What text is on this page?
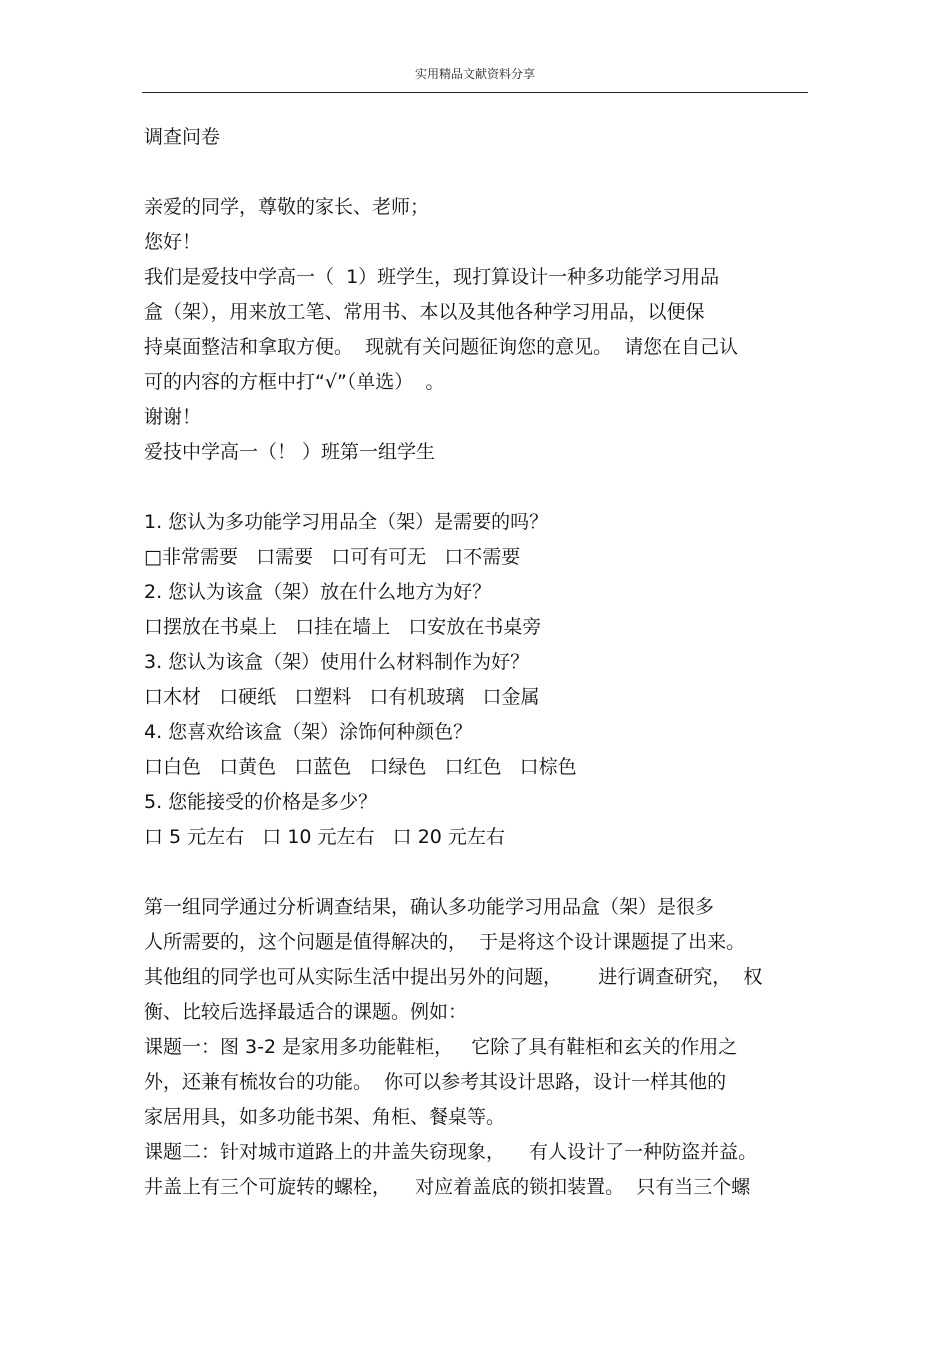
实用精品文献资料分享

调查问卷

亲爱的同学，尊敬的家长、老师；

您好！

我们是爱技中学高一（  1）班学生，现打算设计一种多功能学习用品

盒（架），用来放工笔、常用书、本以及其他各种学习用品，以便保

持桌面整洁和拿取方便。  现就有关问题征询您的意见。  请您在自己认

可的内容的方框中打“√”（单选）  。

谢谢！

爱技中学高一（！ ）班第一组学生

1. 您认为多功能学习用品全（架）是需要的吗？

□非常需要   口需要   口可有可无   口不需要

2. 您认为该盒（架）放在什么地方为好？

口摆放在书桌上   口挂在墙上   口安放在书桌旁

3. 您认为该盒（架）使用什么材料制作为好？

口木材   口硬纸   口塑料   口有机玻璃   口金属

4. 您喜欢给该盒（架）涂饰何种颜色？

口白色   口黄色   口蓝色   口绿色   口红色   口棕色

5. 您能接受的价格是多少？

口 5 元左右   口 10 元左右   口 20 元左右

第一组同学通过分析调查结果，确认多功能学习用品盒（架）是很多

人所需要的，这个问题是值得解决的，  于是将这个设计课题提了出来。

其他组的同学也可从实际生活中提出另外的问题，      进行调查研究，  权

衡、比较后选择最适合的课题。例如：

课题一：图 3-2 是家用多功能鞋柜，   它除了具有鞋柜和玄关的作用之

外，还兼有梳妆台的功能。  你可以参考其设计思路，设计一样其他的

家居用具，如多功能书架、角柜、餐桌等。

课题二：针对城市道路上的井盖失窃现象，    有人设计了一种防盗并益。

井盖上有三个可旋转的螺栓，    对应着盖底的锁扣装置。  只有当三个螺
